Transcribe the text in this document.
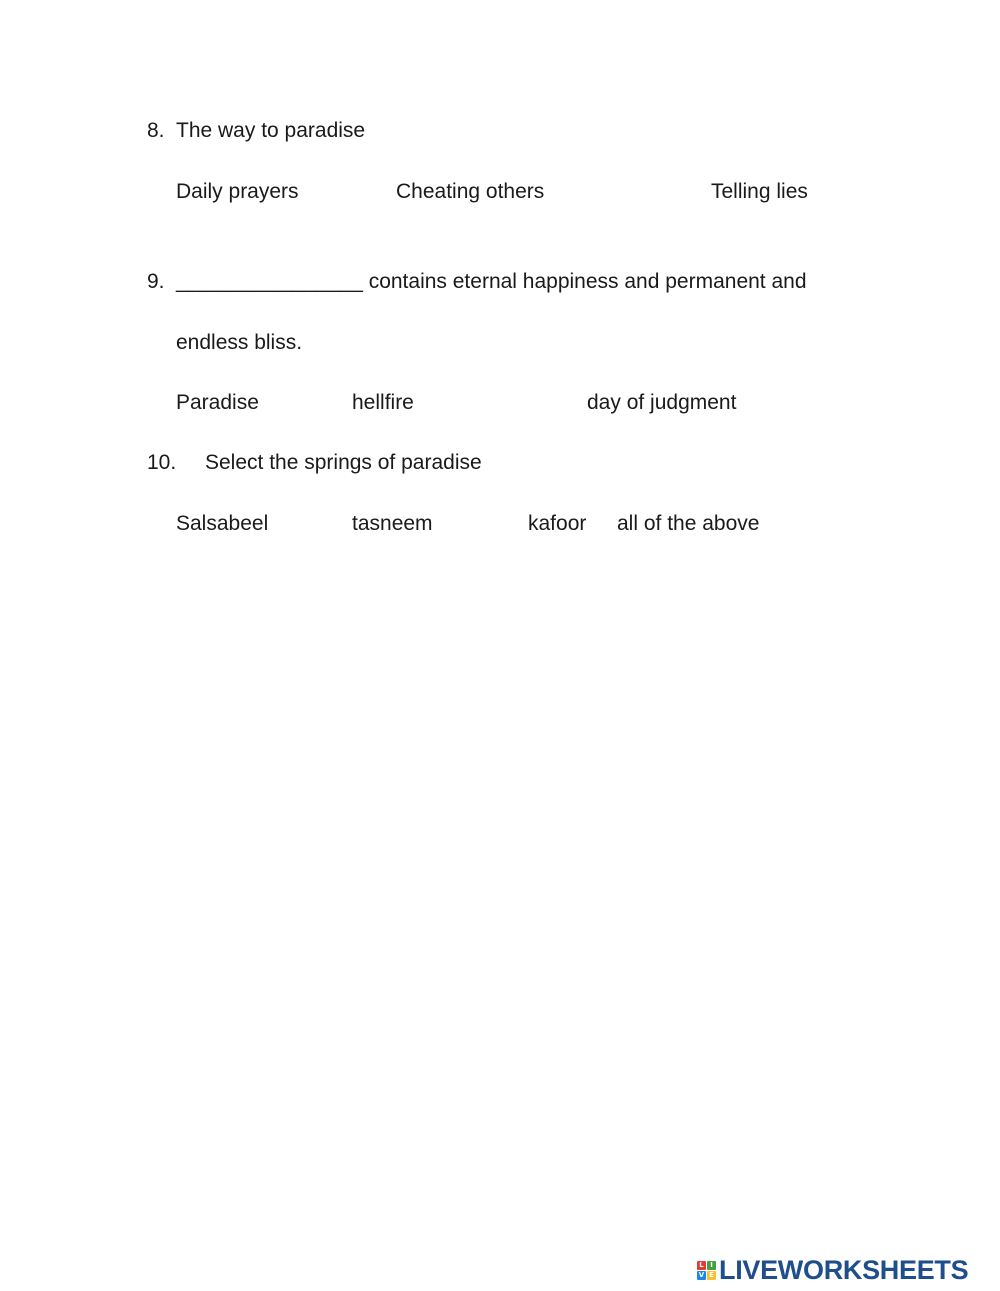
8. The way to paradise
Daily prayers	Cheating others	Telling lies
9. ________________ contains eternal happiness and permanent and
endless bliss.
Paradise	hellfire	day of judgment
10. Select the springs of paradise
Salsabeel	tasneem	kafoor all of the above
L I
V E LIVEWORKSHEETS
